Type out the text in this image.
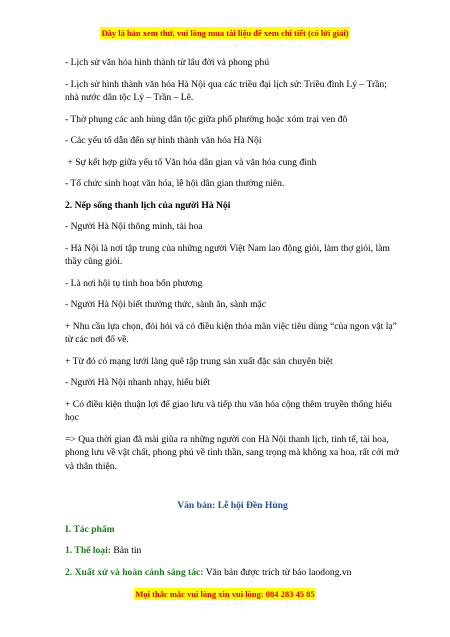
Đây là bản xem thử, vui lòng mua tài liệu để xem chi tiết (có lời giải)

- Lịch sử văn hóa hình thành từ lâu đời và phong phú

- Lịch sử hình thành văn hóa Hà Nội qua các triều đại lịch sử: Triều đình Lý – Trần; nhà nước dân tộc Lý – Trần – Lê.

- Thờ phụng các anh hùng dân tộc giữa phố phường hoặc xóm trại ven đô

- Các yếu tố dẫn đến sự hình thành văn hóa Hà Nội

+ Sự kết hợp giữa yếu tố Văn hóa dân gian và văn hóa cung đình

- Tổ chức sinh hoạt văn hóa, lễ hội dân gian thường niên.

2. Nếp sống thanh lịch của người Hà Nội

- Người Hà Nội thông minh, tài hoa

- Hà Nội là nơi tập trung của những người Việt Nam lao động giỏi, làm thợ giỏi, làm thầy cũng giỏi.

- Là nơi hội tụ tinh hoa bốn phương

- Người Hà Nội biết thưởng thức, sành ăn, sành mặc

+ Nhu cầu lựa chọn, đòi hỏi và có điều kiện thỏa mãn việc tiêu dùng “của ngon vật lạ” từ các nơi đổ về.

+ Từ đó có mạng lưới làng quê tập trung sản xuất đặc sản chuyên biệt

- Người Hà Nội nhanh nhạy, hiếu biết

+ Có điều kiện thuận lợi để giao lưu và tiếp thu văn hóa cộng thêm truyền thống hiếu học

=> Qua thời gian đã mài giũa ra những người con Hà Nội thanh lịch, tinh tế, tài hoa, phong lưu về vật chất, phong phú về tinh thần, sang trọng mà không xa hoa, rất cởi mở và thân thiện.

Văn bản: Lễ hội Đền Hùng

I. Tác phẩm

1. Thể loại: Bản tin

2. Xuất xứ và hoàn cảnh sáng tác: Văn bản được trích từ báo laodong.vn

Mọi thắc mắc vui lòng xin vui lòng: 084 283 45 85
